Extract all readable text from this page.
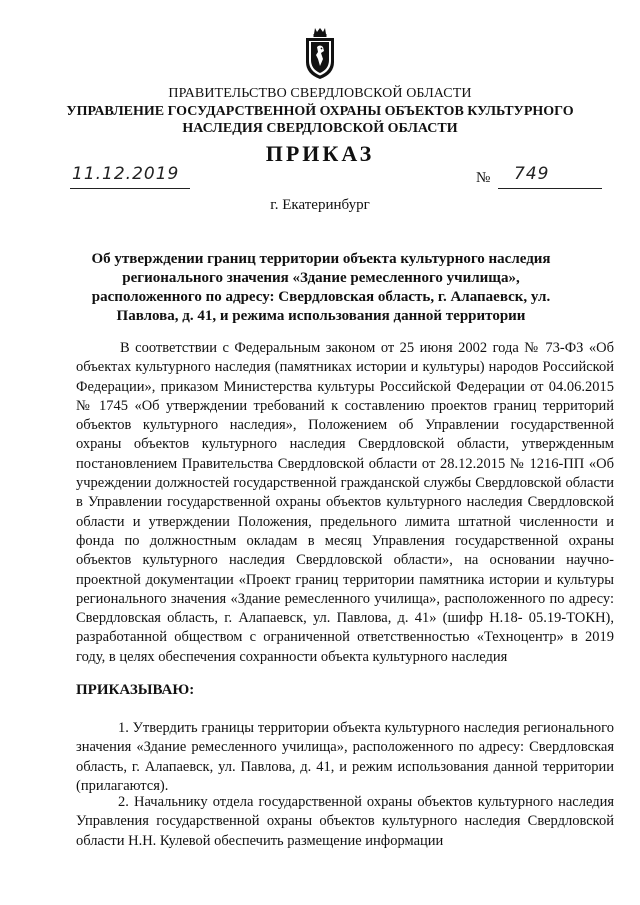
ПРАВИТЕЛЬСТВО СВЕРДЛОВСКОЙ ОБЛАСТИ
УПРАВЛЕНИЕ ГОСУДАРСТВЕННОЙ ОХРАНЫ ОБЪЕКТОВ КУЛЬТУРНОГО НАСЛЕДИЯ СВЕРДЛОВСКОЙ ОБЛАСТИ
ПРИКАЗ
11.12.2019	№ 749
г. Екатеринбург
Об утверждении границ территории объекта культурного наследия регионального значения «Здание ремесленного училища», расположенного по адресу: Свердловская область, г. Алапаевск, ул. Павлова, д. 41, и режима использования данной территории

В соответствии с Федеральным законом от 25 июня 2002 года № 73-ФЗ «Об объектах культурного наследия (памятниках истории и культуры) народов Российской Федерации», приказом Министерства культуры Российской Федерации от 04.06.2015 № 1745 «Об утверждении требований к составлению проектов границ территорий объектов культурного наследия», Положением об Управлении государственной охраны объектов культурного наследия Свердловской области, утвержденным постановлением Правительства Свердловской области от 28.12.2015 № 1216-ПП «Об учреждении должностей государственной гражданской службы Свердловской области в Управлении государственной охраны объектов культурного наследия Свердловской области и утверждении Положения, предельного лимита штатной численности и фонда по должностным окладам в месяц Управления государственной охраны объектов культурного наследия Свердловской области», на основании научно-проектной документации «Проект границ территории памятника истории и культуры регионального значения «Здание ремесленного училища», расположенного по адресу: Свердловская область, г. Алапаевск, ул. Павлова, д. 41» (шифр Н.18- 05.19-ТОКН), разработанной обществом с ограниченной ответственностью «Техноцентр» в 2019 году, в целях обеспечения сохранности объекта культурного наследия

ПРИКАЗЫВАЮ:

1. Утвердить границы территории объекта культурного наследия регионального значения «Здание ремесленного училища», расположенного по адресу: Свердловская область, г. Алапаевск, ул. Павлова, д. 41, и режим использования данной территории (прилагаются).

2. Начальнику отдела государственной охраны объектов культурного наследия Управления государственной охраны объектов культурного наследия Свердловской области Н.Н. Кулевой обеспечить размещение информации
